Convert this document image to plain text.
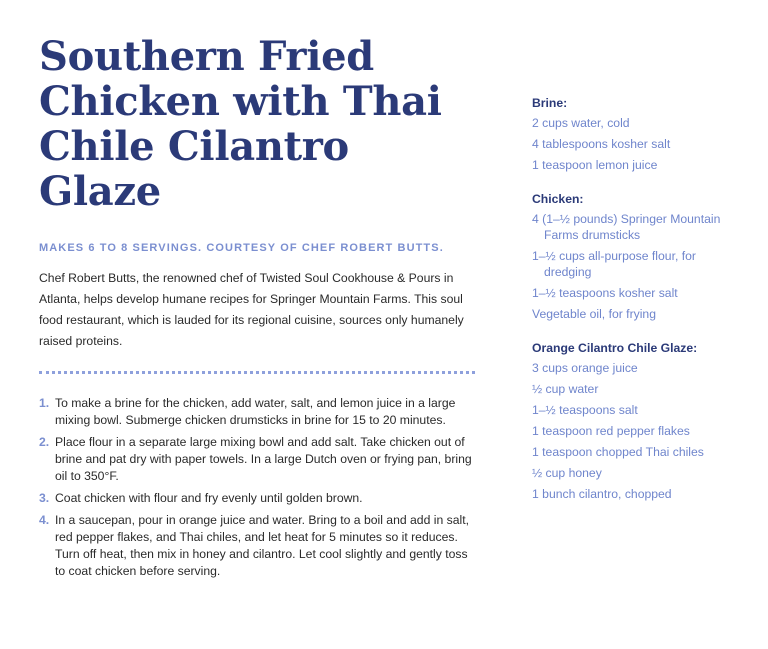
Southern Fried Chicken with Thai Chile Cilantro Glaze
MAKES 6 TO 8 SERVINGS. COURTESY OF CHEF ROBERT BUTTS.

Chef Robert Butts, the renowned chef of Twisted Soul Cookhouse & Pours in Atlanta, helps develop humane recipes for Springer Mountain Farms. This soul food restaurant, which is lauded for its regional cuisine, sources only humanely raised proteins.

1. To make a brine for the chicken, add water, salt, and lemon juice in a large mixing bowl. Submerge chicken drumsticks in brine for 15 to 20 minutes.
2. Place flour in a separate large mixing bowl and add salt. Take chicken out of brine and pat dry with paper towels. In a large Dutch oven or frying pan, bring oil to 350°F.
3. Coat chicken with flour and fry evenly until golden brown.
4. In a saucepan, pour in orange juice and water. Bring to a boil and add in salt, red pepper flakes, and Thai chiles, and let heat for 5 minutes so it reduces. Turn off heat, then mix in honey and cilantro. Let cool slightly and gently toss to coat chicken before serving.
Brine:
2 cups water, cold
4 tablespoons kosher salt
1 teaspoon lemon juice
Chicken:
4 (1–½ pounds) Springer Mountain Farms drumsticks
1–½ cups all-purpose flour, for dredging
1–½ teaspoons kosher salt
Vegetable oil, for frying
Orange Cilantro Chile Glaze:
3 cups orange juice
½ cup water
1–½ teaspoons salt
1 teaspoon red pepper flakes
1 teaspoon chopped Thai chiles
½ cup honey
1 bunch cilantro, chopped
